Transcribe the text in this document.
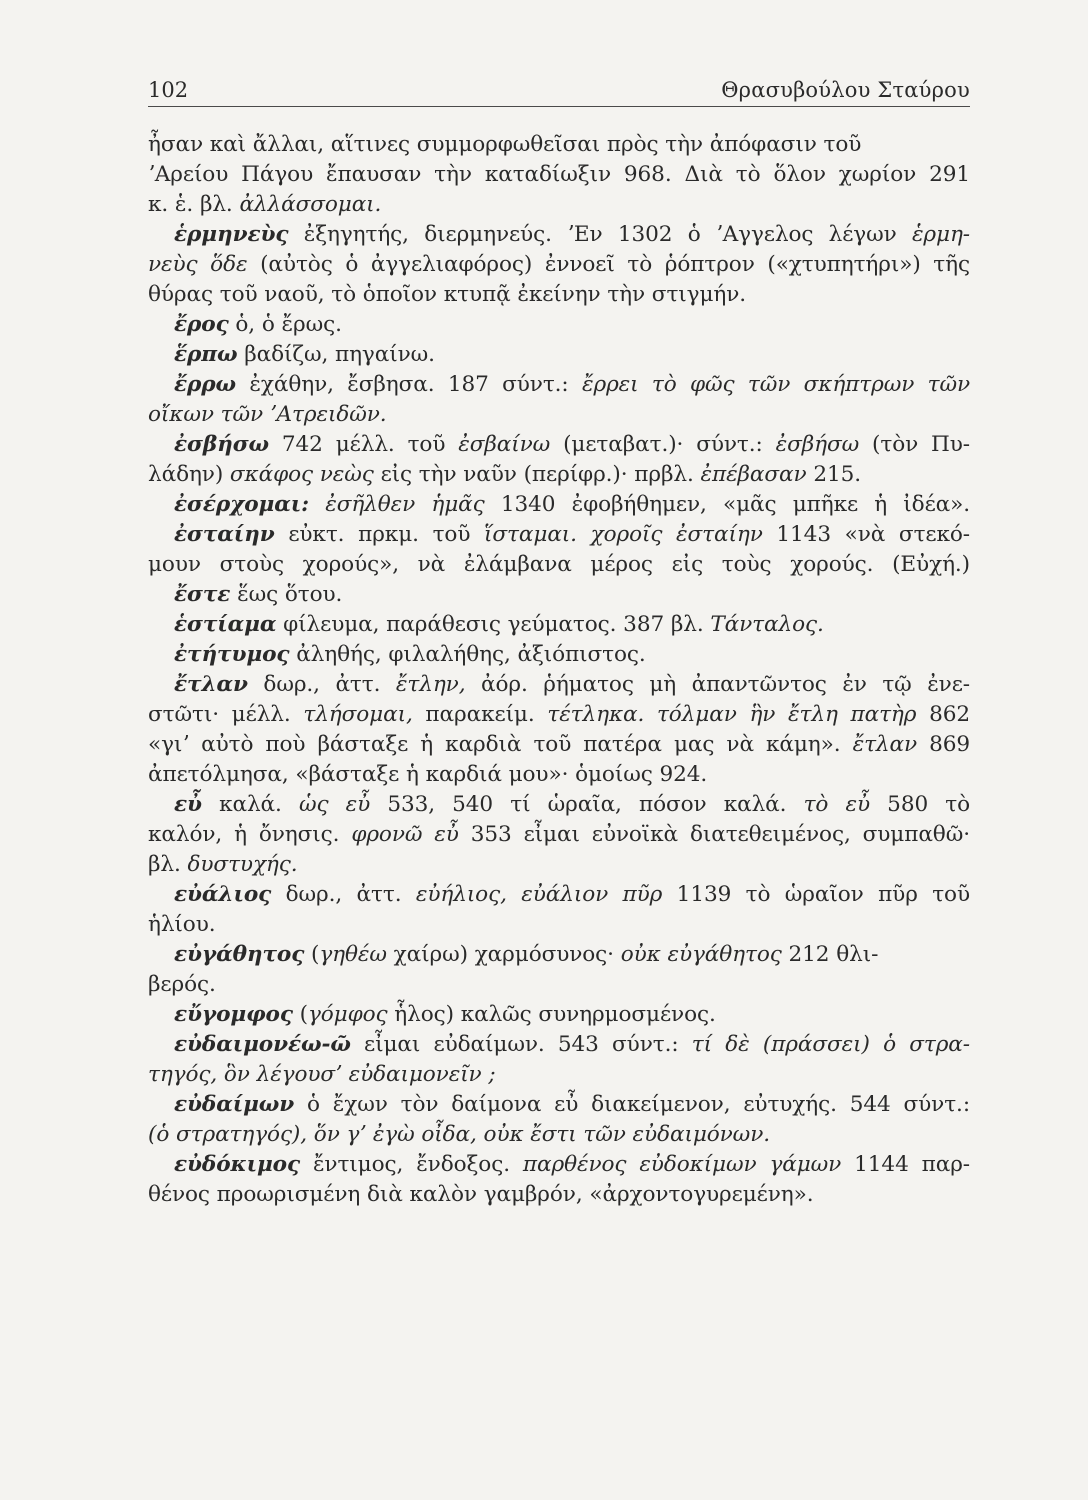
102	Θρασυβούλου Σταύρου
ἦσαν καὶ ἄλλαι, αἵτινες συμμορφωθεῖσαι πρὸς τὴν ἀπόφασιν τοῦ
ʼΑρείου Πάγου ἔπαυσαν τὴν καταδίωξιν 968. Διὰ τὸ ὅλον χωρίον 291
κ. ἑ. βλ. ἀλλάσσομαι.
ἑρμηνεὺς ἐξηγητής, διερμηνεύς. ʼΕν 1302 ὁ ʼΑγγελος λέγων ἑρμη-
νεὺς ὅδε (αὐτὸς ὁ ἀγγελιαφόρος) ἐννοεῖ τὸ ῥόπτρον («χτυπητήρι») τῆς
θύρας τοῦ ναοῦ, τὸ ὁποῖον κτυπᾷ ἐκείνην τὴν στιγμήν.
ἔρος ὁ, ὁ ἔρως.
ἕρπω βαδίζω, πηγαίνω.
ἔρρω ἐχάθην, ἔσβησα. 187 σύντ.: ἔρρει τὸ φῶς τῶν σκήπτρων τῶν
οἴκων τῶν ʼΑτρειδῶν.
ἐσβήσω 742 μέλλ. τοῦ ἐσβαίνω (μεταβατ.)· σύντ.: ἐσβήσω (τὸν Πυ-
λάδην) σκάφος νεὼς εἰς τὴν ναῦν (περίφρ.)· πρβλ. ἐπέβασαν 215.
ἐσέρχομαι: ἐσῆλθεν ἡμᾶς 1340 ἐφοβήθημεν, «μᾶς μπῆκε ἡ ἰδέα».
ἐσταίην εὐκτ. πρκμ. τοῦ ἵσταμαι. χοροῖς ἐσταίην 1143 «νὰ στεκό-
μουν στοὺς χορούς», νὰ ἐλάμβανα μέρος εἰς τοὺς χορούς. (Εὐχή.)
ἔστε ἕως ὅτου.
ἑστίαμα φίλευμα, παράθεσις γεύματος. 387 βλ. Τάνταλος.
ἐτήτυμος ἀληθής, φιλαλήθης, ἀξιόπιστος.
ἔτλαν δωρ., ἀττ. ἔτλην, ἀόρ. ῥήματος μὴ ἀπαντῶντος ἐν τῷ ἐνε-
στῶτι· μέλλ. τλήσομαι, παρακείμ. τέτληκα. τόλμαν ἣν ἔτλη πατὴρ 862
«γιʼ αὐτὸ ποὺ βάσταξε ἡ καρδιὰ τοῦ πατέρα μας νὰ κάμη». ἔτλαν 869
ἀπετόλμησα, «βάσταξε ἡ καρδιά μου»· ὁμοίως 924.
εὖ καλά. ὡς εὖ 533, 540 τί ὡραῖα, πόσον καλά. τὸ εὖ 580 τὸ
καλόν, ἡ ὄνησις. φρονῶ εὖ 353 εἶμαι εὐνοϊκὰ διατεθειμένος, συμπαθῶ·
βλ. δυστυχής.
εὐάλιος δωρ., ἀττ. εὐήλιος, εὐάλιον πῦρ 1139 τὸ ὡραῖον πῦρ τοῦ
ἡλίου.
εὐγάθητος (γηθέω χαίρω) χαρμόσυνος· οὐκ εὐγάθητος 212 θλι-
βερός.
εὔγομφος (γόμφος ἧλος) καλῶς συνηρμοσμένος.
εὐδαιμονέω-ῶ εἶμαι εὐδαίμων. 543 σύντ.: τί δὲ (πράσσει) ὁ στρα-
τηγός, ὃν λέγουσʼ εὐδαιμονεῖν ;
εὐδαίμων ὁ ἔχων τὸν δαίμονα εὖ διακείμενον, εὐτυχής. 544 σύντ.:
(ὁ στρατηγός), ὅν γʼ ἐγὼ οἶδα, οὐκ ἔστι τῶν εὐδαιμόνων.
εὐδόκιμος ἔντιμος, ἔνδοξος. παρθένος εὐδοκίμων γάμων 1144 παρ-
θένος προωρισμένη διὰ καλὸν γαμβρόν, «ἀρχοντογυρεμένη».
